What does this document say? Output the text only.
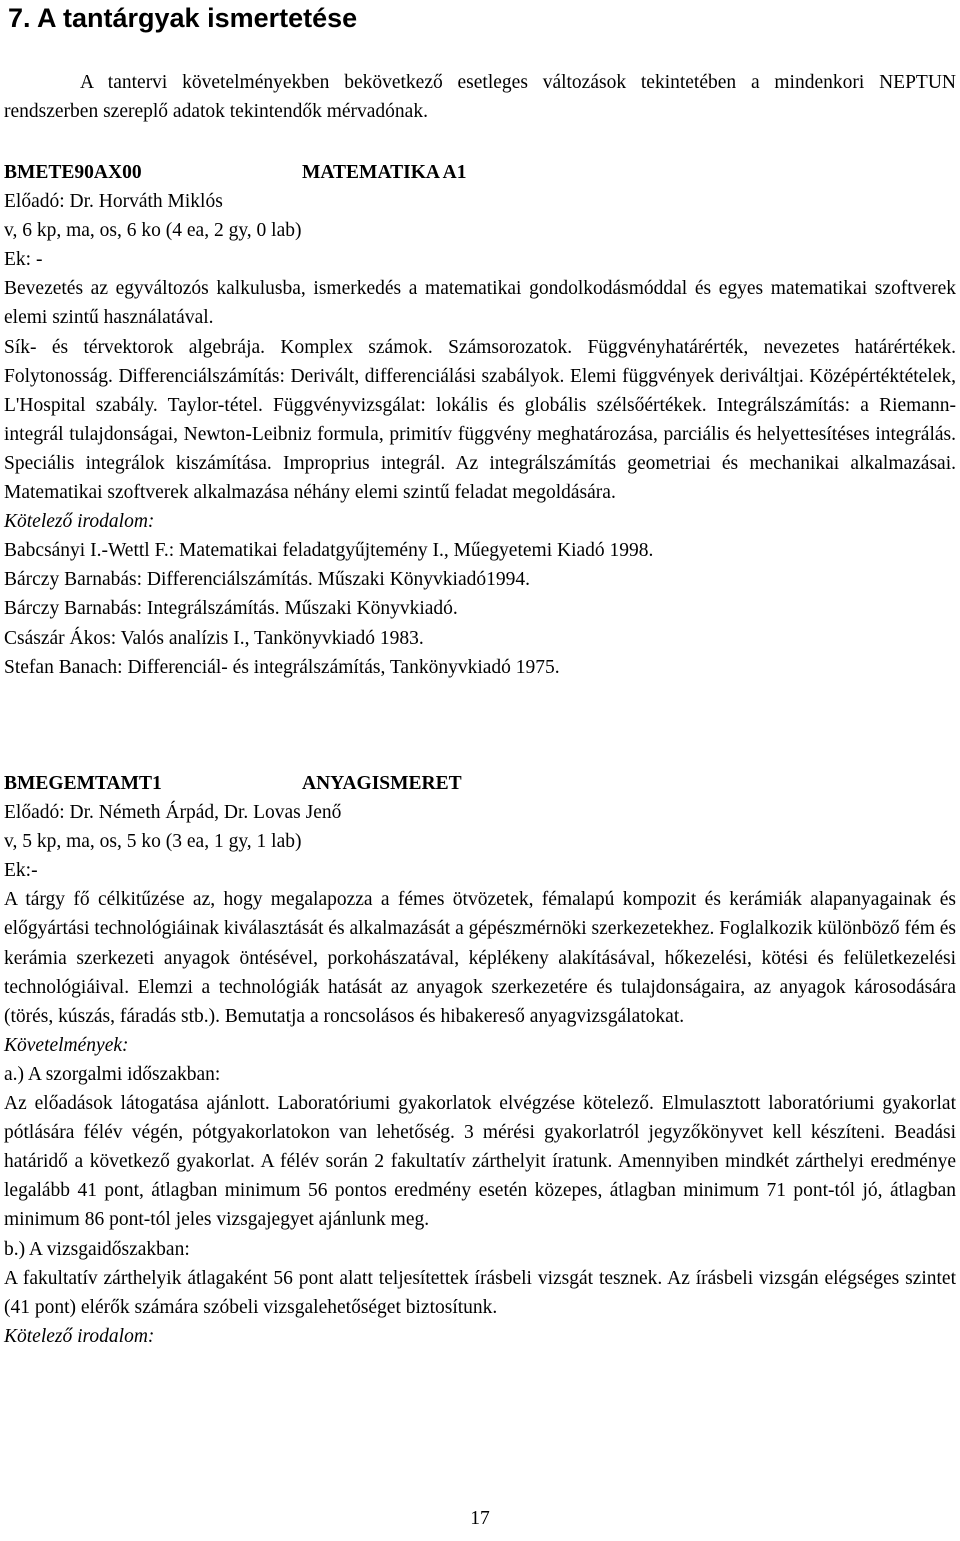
7. A tantárgyak ismertetése

A tantervi követelményekben bekövetkező esetleges változások tekintetében a mindenkori NEPTUN rendszerben szereplő adatok tekintendők mérvadónak.

BMETE90AX00	MATEMATIKA A1
Előadó: Dr. Horváth Miklós
v, 6 kp, ma, os, 6 ko (4 ea, 2 gy, 0 lab)
Ek: -

Bevezetés az egyváltozós kalkulusba, ismerkedés a matematikai gondolkodásmóddal és egyes matematikai szoftverek elemi szintű használatával.

Sík- és térvektorok algebrája. Komplex számok. Számsorozatok. Függvényhatárérték, nevezetes határértékek. Folytonosság. Differenciálszámítás: Derivált, differenciálási szabályok. Elemi függvények deriváltjai. Középértéktételek, L'Hospital szabály. Taylor-tétel. Függvényvizsgálat: lokális és globális szélsőértékek. Integrálszámítás: a Riemann-integrál tulajdonságai, Newton-Leibniz formula, primitív függvény meghatározása, parciális és helyettesítéses integrálás. Speciális integrálok kiszámítása. Improprius integrál. Az integrálszámítás geometriai és mechanikai alkalmazásai. Matematikai szoftverek alkalmazása néhány elemi szintű feladat megoldására.

Kötelező irodalom:
Babcsányi I.-Wettl F.: Matematikai feladatgyűjtemény I., Műegyetemi Kiadó 1998.
Bárczy Barnabás: Differenciálszámítás. Műszaki Könyvkiadó1994.
Bárczy Barnabás: Integrálszámítás. Műszaki Könyvkiadó.
Császár Ákos: Valós analízis I., Tankönyvkiadó 1983.
Stefan Banach: Differenciál- és integrálszámítás, Tankönyvkiadó 1975.
BMEGEMTAMT1	ANYAGISMERET
Előadó: Dr. Németh Árpád, Dr. Lovas Jenő
v, 5 kp, ma, os, 5 ko (3 ea, 1 gy, 1 lab)
Ek:-

A tárgy fő célkitűzése az, hogy megalapozza a fémes ötvözetek, fémalapú kompozit és kerámiák alapanyagainak és előgyártási technológiáinak kiválasztását és alkalmazását a gépészmérnöki szerkezetekhez. Foglalkozik különböző fém és kerámia szerkezeti anyagok öntésével, porkohászatával, képlékeny alakításával, hőkezelési, kötési és felületkezelési technológiáival. Elemzi a technológiák hatását az anyagok szerkezetére és tulajdonságaira, az anyagok károsodására (törés, kúszás, fáradás stb.). Bemutatja a roncsolásos és hibakereső anyagvizsgálatokat.

Követelmények:
a.) A szorgalmi időszakban:

Az előadások látogatása ajánlott. Laboratóriumi gyakorlatok elvégzése kötelező. Elmulasztott laboratóriumi gyakorlat pótlására félév végén, pótgyakorlatokon van lehetőség. 3 mérési gyakorlatról jegyzőkönyvet kell készíteni. Beadási határidő a következő gyakorlat. A félév során 2 fakultatív zárthelyit íratunk. Amennyiben mindkét zárthelyi eredménye legalább 41 pont, átlagban minimum 56 pontos eredmény esetén közepes, átlagban minimum 71 pont-tól jó, átlagban minimum 86 pont-tól jeles vizsgajegyet ajánlunk meg.

b.) A vizsgaidőszakban:

A fakultatív zárthelyik átlagaként 56 pont alatt teljesítettek írásbeli vizsgát tesznek. Az írásbeli vizsgán elégséges szintet (41 pont) elérők számára szóbeli vizsgalehetőséget biztosítunk.

Kötelező irodalom:
17
